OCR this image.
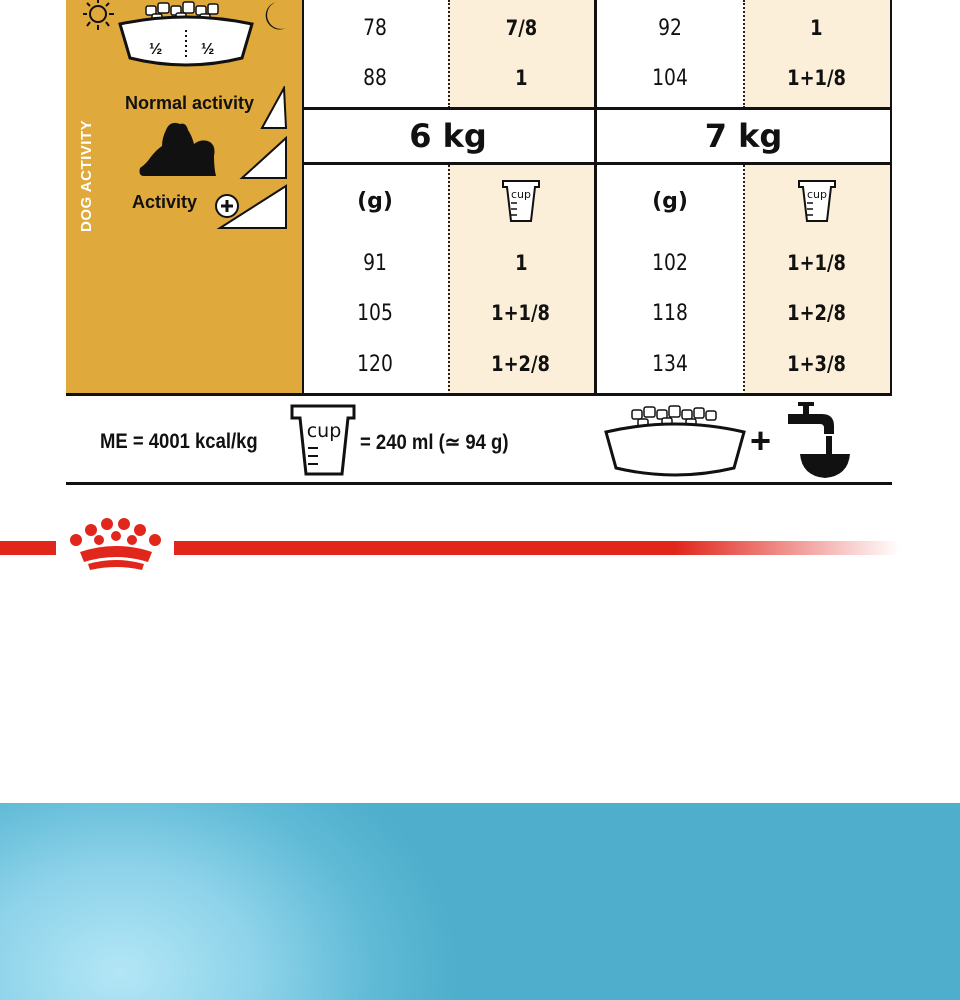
½ ½
DOG ACTIVITY
Normal activity
Activity
78	7/8	92	1
88	1	104	1+1/8
6 kg	7 kg
(g)	cup	(g)	cup
91	1	102	1+1/8
105	1+1/8	118	1+2/8
120	1+2/8	134	1+3/8
ME = 4001 kcal/kg	cup = 240 ml (≃ 94 g)	+
